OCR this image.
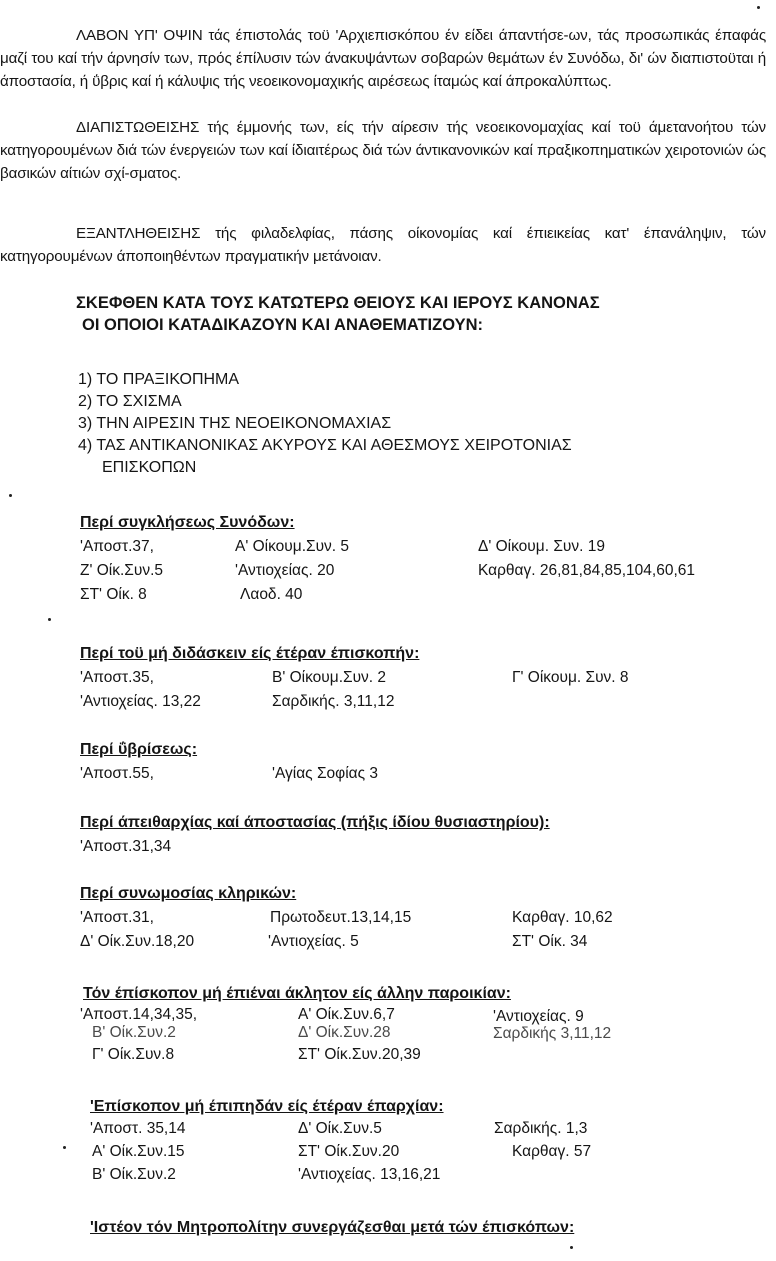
ΛΑΒΟΝ ΥΠ' ΟΨΙΝ τάς έπιστολάς τοϋ 'Αρχιεπισκόπου έν είδει άπαντήσε-ων, τάς προσωπικάς έπαφάς μαζί του καί τήν άρνησίν των, πρός έπίλυσιν τών άνακυψάντων σοβαρών θεμάτων έν Συνόδω, δι' ών διαπιστοϋται ή άποστασία, ή ΰβρις καί ή κάλυψις τής νεοεικονομαχικής αιρέσεως ίταμώς καί άπροκαλύπτως.
ΔΙΑΠΙΣΤΩΘΕΙΣΗΣ τής έμμονής των, είς τήν αίρεσιν τής νεοεικονομαχίας καί τοϋ άμετανοήτου τών κατηγορουμένων διά τών ένεργειών των καί ίδιαιτέρως διά τών άντικανονικών καί πραξικοπηματικών χειροτονιών ώς βασικών αίτιών σχί-σματος.
ΕΞΑΝΤΛΗΘΕΙΣΗΣ τής φιλαδελφίας, πάσης οίκονομίας καί έπιεικείας κατ' έπανάληψιν, τών κατηγορουμένων άποποιηθέντων πραγματικήν μετάνοιαν.
ΣΚΕΦΘΕΝ ΚΑΤΑ ΤΟΥΣ ΚΑΤΩΤΕΡΩ ΘΕΙΟΥΣ ΚΑΙ ΙΕΡΟΥΣ ΚΑΝΟΝΑΣ
ΟΙ ΟΠΟΙΟΙ ΚΑΤΑΔΙΚΑΖΟΥΝ ΚΑΙ ΑΝΑΘΕΜΑΤΙΖΟΥΝ:
1) ΤΟ ΠΡΑΞΙΚΟΠΗΜΑ
2) ΤΟ ΣΧΙΣΜΑ
3) ΤΗΝ ΑΙΡΕΣΙΝ ΤΗΣ ΝΕΟΕΙΚΟΝΟΜΑΧΙΑΣ
4) ΤΑΣ ΑΝΤΙΚΑΝΟΝΙΚΑΣ ΑΚΥΡΟΥΣ ΚΑΙ ΑΘΕΣΜΟΥΣ ΧΕΙΡΟΤΟΝΙΑΣ
ΕΠΙΣΚΟΠΩΝ
Περί συγκλήσεως Συνόδων:
'Αποστ.37,	Α' Οίκουμ.Συν. 5	Δ' Οίκουμ. Συν. 19
Ζ' Οίκ.Συν.5	'Αντιοχείας. 20	Καρθαγ. 26,81,84,85,104,60,61
ΣΤ' Οίκ. 8	Λαοδ. 40
Περί τοϋ μή διδάσκειν είς έτέραν έπισκοπήν:
'Αποστ.35,	Β' Οίκουμ.Συν. 2	Γ' Οίκουμ. Συν. 8
'Αντιοχείας. 13,22	Σαρδικής. 3,11,12
Περί ΰβρίσεως:
'Αποστ.55,	'Αγίας Σοφίας 3
Περί άπειθαρχίας καί άποστασίας (πήξις ίδίου θυσιαστηρίου):
'Αποστ.31,34
Περί συνωμοσίας κληρικών:
'Αποστ.31,	Πρωτοδευτ.13,14,15	Καρθαγ. 10,62
Δ' Οίκ.Συν.18,20	'Αντιοχείας. 5	ΣΤ' Οίκ. 34
Τόν έπίσκοπον μή έπιέναι άκλητον είς άλλην παροικίαν:
'Αποστ.14,34,35,	Α' Οίκ.Συν.6,7	'Αντιοχείας. 9
Β' Οίκ.Συν.2	Δ' Οίκ.Συν.28	Σαρδικής 3,11,12
Γ' Οίκ.Συν.8	ΣΤ' Οίκ.Συν.20,39
'Επίσκοπον μή έπιπηδάν είς έτέραν έπαρχίαν:
'Αποστ. 35,14	Δ' Οίκ.Συν.5	Σαρδικής. 1,3
Α' Οίκ.Συν.15	ΣΤ' Οίκ.Συν.20	Καρθαγ. 57
Β' Οίκ.Συν.2	'Αντιοχείας. 13,16,21
'Ιστέον τόν Μητροπολίτην συνεργάζεσθαι μετά τών έπισκόπων:
